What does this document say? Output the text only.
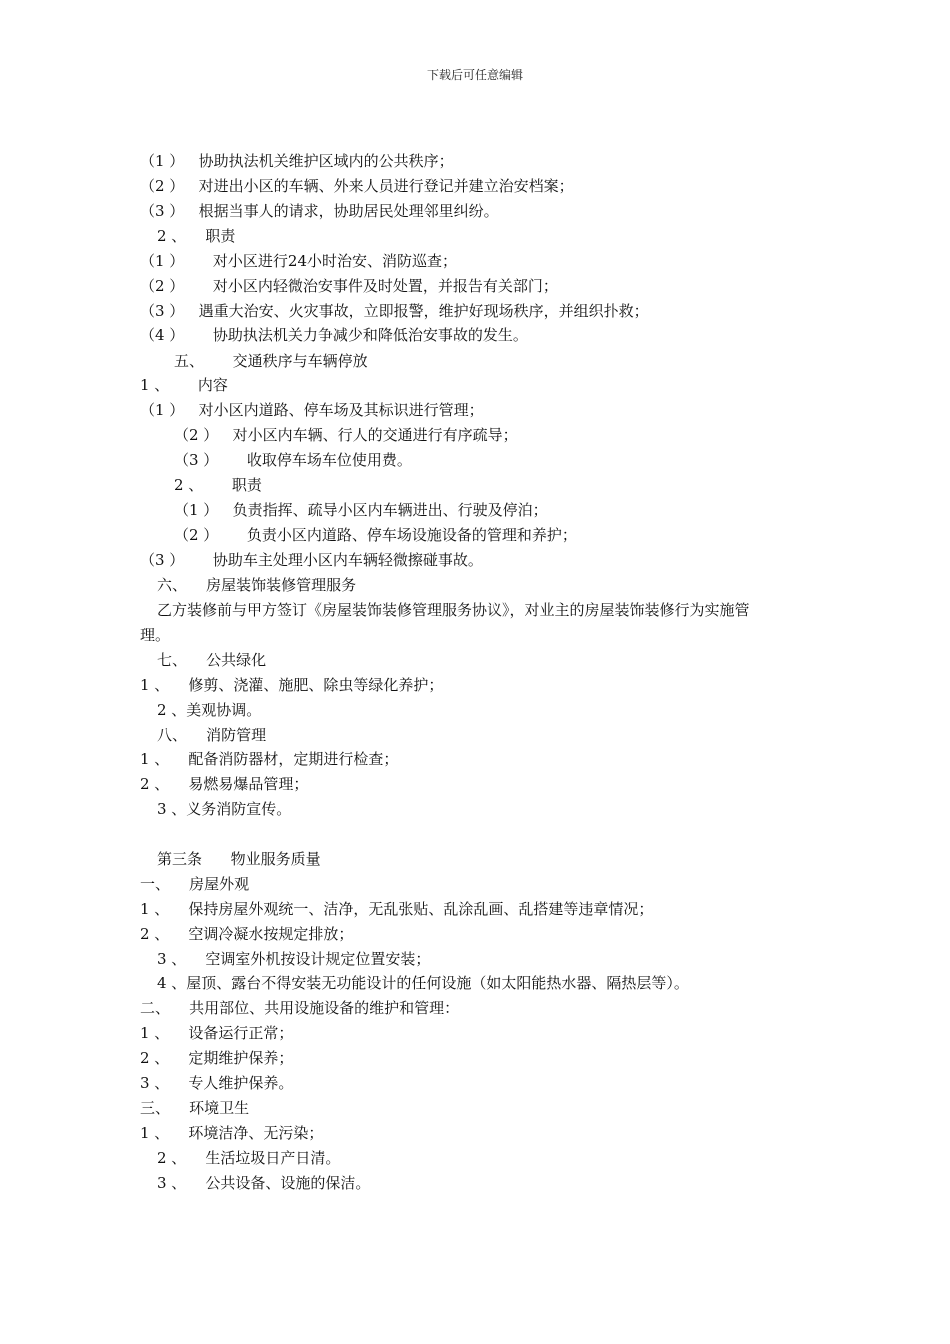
下载后可任意编辑
（1 ）   协助执法机关维护区域内的公共秩序；
（2 ）   对进出小区的车辆、外来人员进行登记并建立治安档案；
（3 ）   根据当事人的请求，协助居民处理邻里纠纷。
2 、    职责
（1 ）      对小区进行24小时治安、消防巡查；
（2 ）      对小区内轻微治安事件及时处置，并报告有关部门；
（3 ）   遇重大治安、火灾事故，立即报警，维护好现场秩序，并组织扑救；
（4 ）      协助执法机关力争减少和降低治安事故的发生。
五、      交通秩序与车辆停放
1 、      内容
（1 ）   对小区内道路、停车场及其标识进行管理；
（2 ）   对小区内车辆、行人的交通进行有序疏导；
（3 ）      收取停车场车位使用费。
2 、      职责
（1 ）   负责指挥、疏导小区内车辆进出、行驶及停泊；
（2 ）      负责小区内道路、停车场设施设备的管理和养护；
（3 ）      协助车主处理小区内车辆轻微擦碰事故。
六、    房屋装饰装修管理服务
乙方装修前与甲方签订《房屋装饰装修管理服务协议》，对业主的房屋装饰装修行为实施管
理。
七、    公共绿化
1 、    修剪、浇灌、施肥、除虫等绿化养护；
2 、美观协调。
八、    消防管理
1 、    配备消防器材，定期进行检查；
2 、    易燃易爆品管理；
3 、义务消防宣传。
第三条      物业服务质量
一、    房屋外观
1 、    保持房屋外观统一、洁净，无乱张贴、乱涂乱画、乱搭建等违章情况；
2 、    空调冷凝水按规定排放；
3 、    空调室外机按设计规定位置安装；
4 、屋顶、露台不得安装无功能设计的任何设施（如太阳能热水器、隔热层等）。
二、    共用部位、共用设施设备的维护和管理：
1 、    设备运行正常；
2 、    定期维护保养；
3 、    专人维护保养。
三、    环境卫生
1 、    环境洁净、无污染；
2 、    生活垃圾日产日清。
3 、    公共设备、设施的保洁。
